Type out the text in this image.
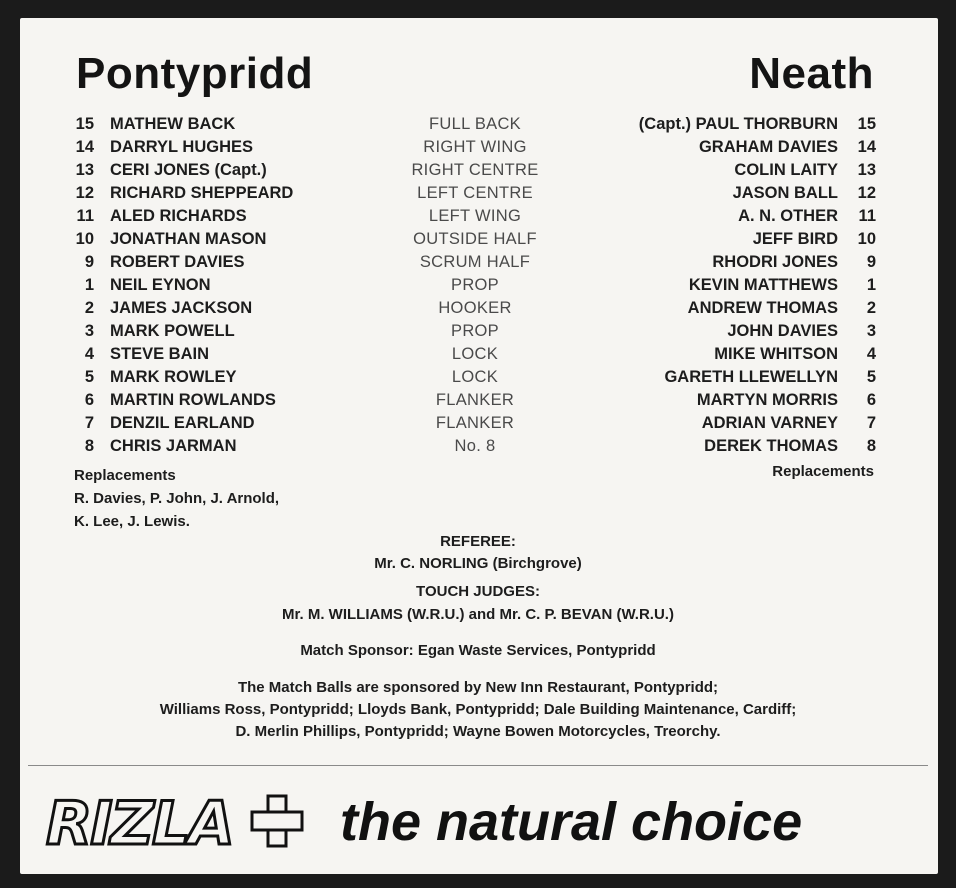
Pontypridd	Neath
15 MATHEW BACK	FULL BACK	(Capt.) PAUL THORBURN	15
14 DARRYL HUGHES	RIGHT WING	GRAHAM DAVIES	14
13 CERI JONES (Capt.)	RIGHT CENTRE	COLIN LAITY	13
12 RICHARD SHEPPEARD	LEFT CENTRE	JASON BALL	12
11 ALED RICHARDS	LEFT WING	A. N. OTHER	11
10 JONATHAN MASON	OUTSIDE HALF	JEFF BIRD	10
9 ROBERT DAVIES	SCRUM HALF	RHODRI JONES	9
1 NEIL EYNON	PROP	KEVIN MATTHEWS	1
2 JAMES JACKSON	HOOKER	ANDREW THOMAS	2
3 MARK POWELL	PROP	JOHN DAVIES	3
4 STEVE BAIN	LOCK	MIKE WHITSON	4
5 MARK ROWLEY	LOCK	GARETH LLEWELLYN	5
6 MARTIN ROWLANDS	FLANKER	MARTYN MORRIS	6
7 DENZIL EARLAND	FLANKER	ADRIAN VARNEY	7
8 CHRIS JARMAN	No. 8	DEREK THOMAS	8
Replacements
R. Davies, P. John, J. Arnold,
K. Lee, J. Lewis.
Replacements
REFEREE:
Mr. C. NORLING (Birchgrove)
TOUCH JUDGES:
Mr. M. WILLIAMS (W.R.U.) and Mr. C. P. BEVAN (W.R.U.)
Match Sponsor: Egan Waste Services, Pontypridd
The Match Balls are sponsored by New Inn Restaurant, Pontypridd;
Williams Ross, Pontypridd; Lloyds Bank, Pontypridd; Dale Building Maintenance, Cardiff;
D. Merlin Phillips, Pontypridd; Wayne Bowen Motorcycles, Treorchy.
RIZLA the natural choice
